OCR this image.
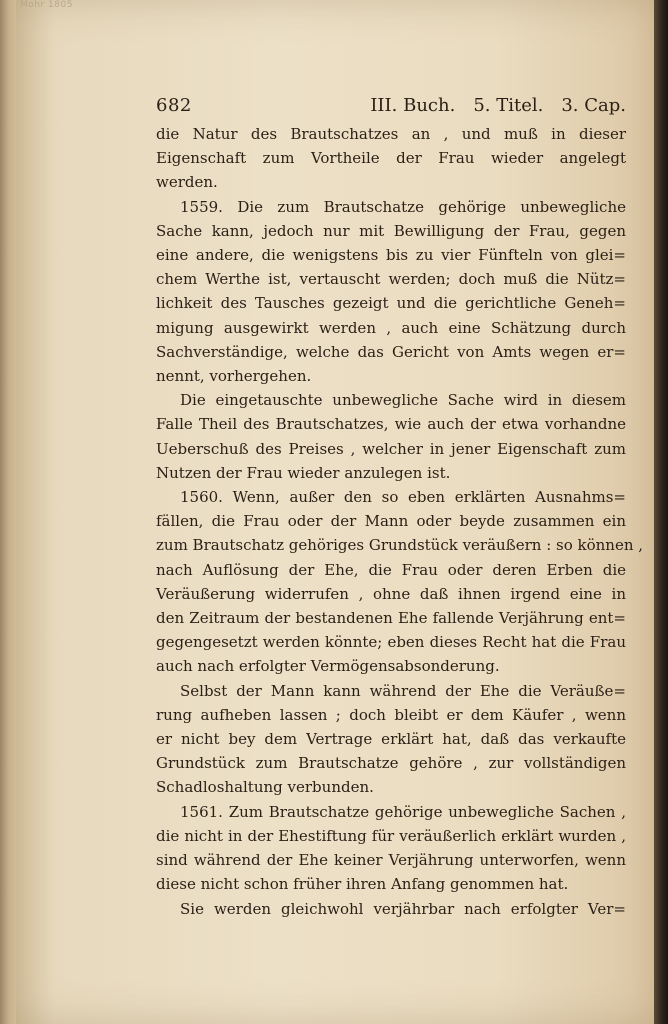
Mohr 1805
682	III. Buch. 5. Titel. 3. Cap.
die Natur des Brautschatzes an , und muß in dieser
Eigenschaft zum Vortheile der Frau wieder angelegt
werden.
1559. Die zum Brautschatze gehörige unbewegliche
Sache kann, jedoch nur mit Bewilligung der Frau, gegen
eine andere, die wenigstens bis zu vier Fünfteln von glei=
chem Werthe ist, vertauscht werden; doch muß die Nütz=
lichkeit des Tausches gezeigt und die gerichtliche Geneh=
migung ausgewirkt werden , auch eine Schätzung durch
Sachverständige, welche das Gericht von Amts wegen er=
nennt, vorhergehen.
Die eingetauschte unbewegliche Sache wird in diesem
Falle Theil des Brautschatzes, wie auch der etwa vorhandne
Ueberschuß des Preises , welcher in jener Eigenschaft zum
Nutzen der Frau wieder anzulegen ist.
1560. Wenn, außer den so eben erklärten Ausnahms=
fällen, die Frau oder der Mann oder beyde zusammen ein
zum Brautschatz gehöriges Grundstück veräußern : so können ,
nach Auflösung der Ehe, die Frau oder deren Erben die
Veräußerung widerrufen , ohne daß ihnen irgend eine in
den Zeitraum der bestandenen Ehe fallende Verjährung ent=
gegengesetzt werden könnte; eben dieses Recht hat die Frau
auch nach erfolgter Vermögensabsonderung.
Selbst der Mann kann während der Ehe die Veräuße=
rung aufheben lassen ; doch bleibt er dem Käufer , wenn
er nicht bey dem Vertrage erklärt hat, daß das verkaufte
Grundstück zum Brautschatze gehöre , zur vollständigen
Schadloshaltung verbunden.
1561. Zum Brautschatze gehörige unbewegliche Sachen ,
die nicht in der Ehestiftung für veräußerlich erklärt wurden ,
sind während der Ehe keiner Verjährung unterworfen, wenn
diese nicht schon früher ihren Anfang genommen hat.
Sie werden gleichwohl verjährbar nach erfolgter Ver=
